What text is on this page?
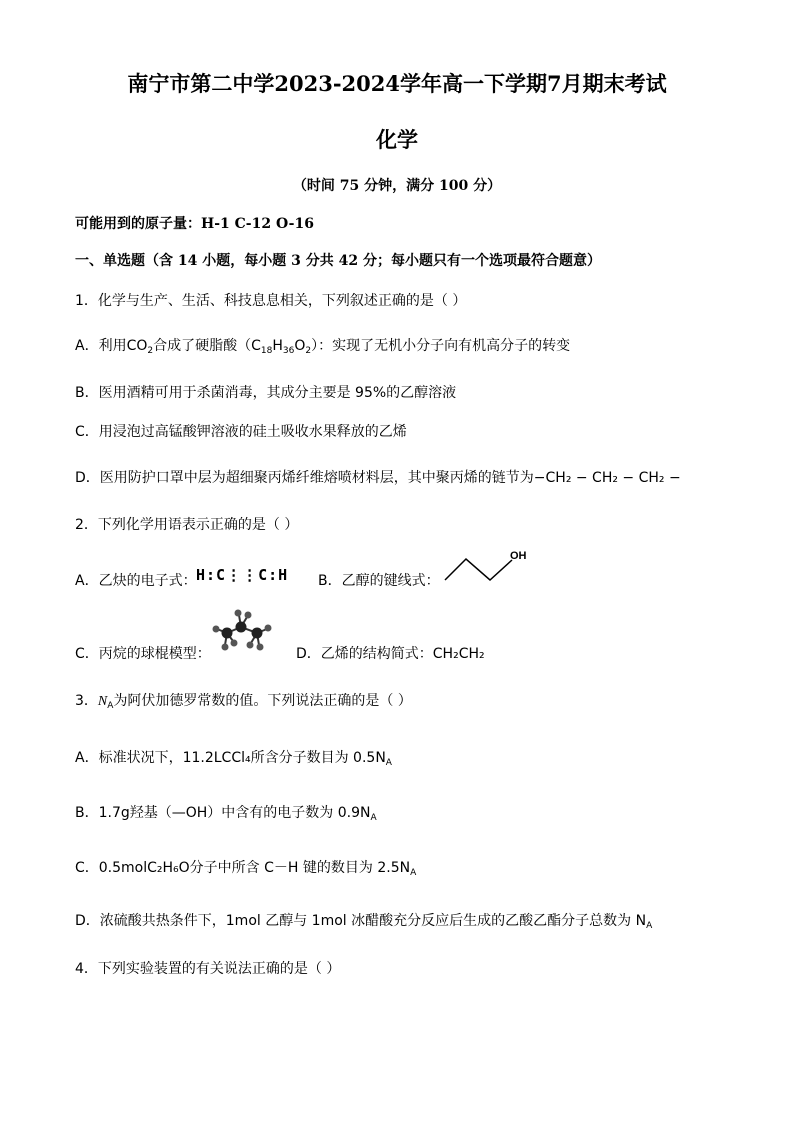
南宁市第二中学2023-2024学年高一下学期7月期末考试
化学
（时间 75 分钟，满分 100 分）
可能用到的原子量：H-1 C-12 O-16
一、单选题（含 14 小题，每小题 3 分共 42 分；每小题只有一个选项最符合题意）
1．化学与生产、生活、科技息息相关，下列叙述正确的是（ ）
A．利用$CO_2$合成了硬脂酸$(C_{18}H_{36}O_2)$：实现了无机小分子向有机高分子的转变
B．医用酒精可用于杀菌消毒，其成分主要是 95%的乙醇溶液
C．用浸泡过高锰酸钾溶液的硅土吸收水果释放的乙烯
D．医用防护口罩中层为超细聚丙烯纤维熔喷材料层，其中聚丙烯的链节为−CH₂ − CH₂ − CH₂ −
2．下列化学用语表示正确的是（ ）
A．乙炔的电子式： H:C⋮⋮C:H B．乙醇的键线式：
OH
C．丙烷的球棍模型：	D．乙烯的结构简式：CH₂CH₂
3．$N_A$为阿伏加德罗常数的值。下列说法正确的是（ ）
A．标准状况下，11.2LCCl₄所含分子数目为 $0.5N_A$
B．1.7g羟基（—OH）中含有的电子数为 $0.9N_A$
C．0.5molC₂H₆O分子中所含 C－H 键的数目为 $2.5N_A$
D．浓硫酸共热条件下，1mol 乙醇与 1mol 冰醋酸充分反应后生成的乙酸乙酯分子总数为 $N_A$
4．下列实验装置的有关说法正确的是（ ）
